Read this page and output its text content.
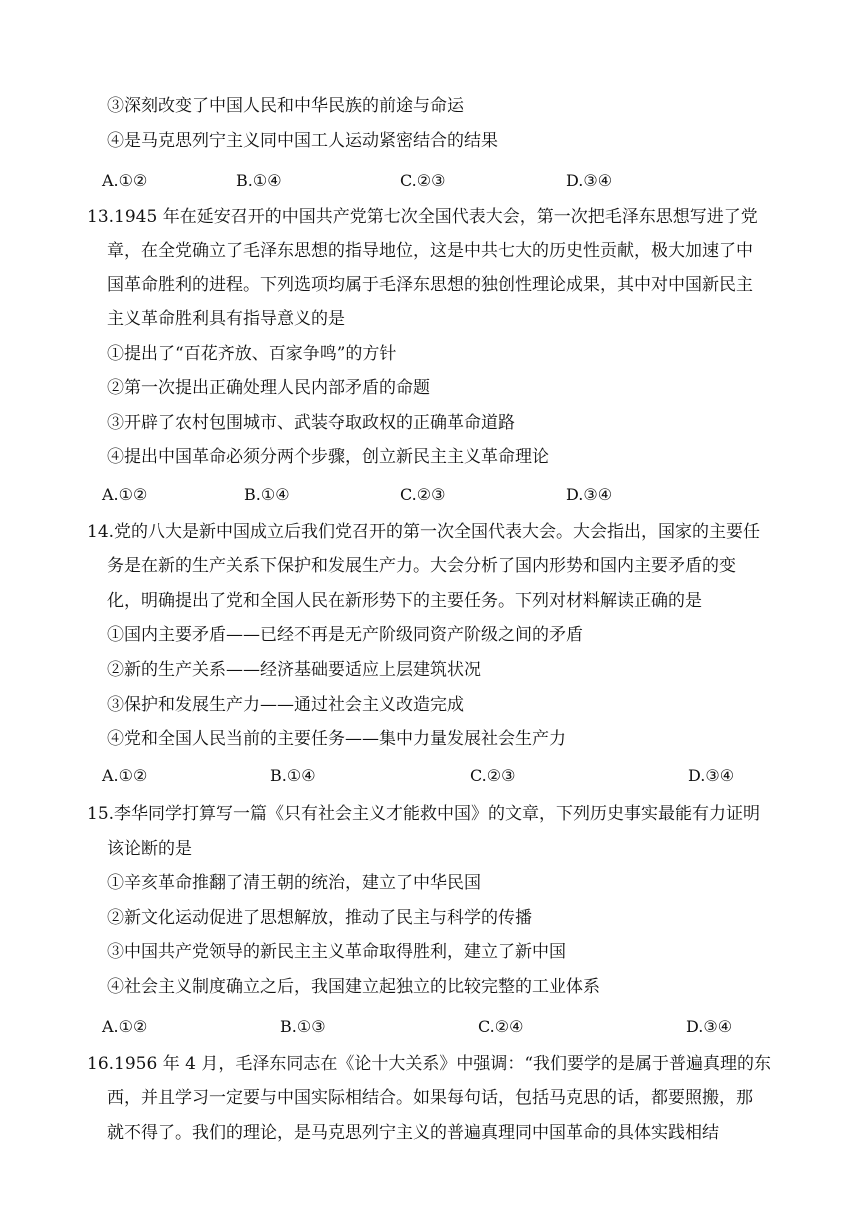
③深刻改变了中国人民和中华民族的前途与命运
④是马克思列宁主义同中国工人运动紧密结合的结果
A.①②	B.①④	C.②③	D.③④
13.1945 年在延安召开的中国共产党第七次全国代表大会，第一次把毛泽东思想写进了党
章，在全党确立了毛泽东思想的指导地位，这是中共七大的历史性贡献，极大加速了中
国革命胜利的进程。下列选项均属于毛泽东思想的独创性理论成果，其中对中国新民主
主义革命胜利具有指导意义的是
①提出了“百花齐放、百家争鸣”的方针
②第一次提出正确处理人民内部矛盾的命题
③开辟了农村包围城市、武装夺取政权的正确革命道路
④提出中国革命必须分两个步骤，创立新民主主义革命理论
A.①②	B.①④	C.②③	D.③④
14.党的八大是新中国成立后我们党召开的第一次全国代表大会。大会指出，国家的主要任
务是在新的生产关系下保护和发展生产力。大会分析了国内形势和国内主要矛盾的变
化，明确提出了党和全国人民在新形势下的主要任务。下列对材料解读正确的是
①国内主要矛盾——已经不再是无产阶级同资产阶级之间的矛盾
②新的生产关系——经济基础要适应上层建筑状况
③保护和发展生产力——通过社会主义改造完成
④党和全国人民当前的主要任务——集中力量发展社会生产力
A.①②	B.①④	C.②③	D.③④
15.李华同学打算写一篇《只有社会主义才能救中国》的文章，下列历史事实最能有力证明
该论断的是
①辛亥革命推翻了清王朝的统治，建立了中华民国
②新文化运动促进了思想解放，推动了民主与科学的传播
③中国共产党领导的新民主主义革命取得胜利，建立了新中国
④社会主义制度确立之后，我国建立起独立的比较完整的工业体系
A.①②	B.①③	C.②④	D.③④
16.1956 年 4 月，毛泽东同志在《论十大关系》中强调：“我们要学的是属于普遍真理的东
西，并且学习一定要与中国实际相结合。如果每句话，包括马克思的话，都要照搬，那
就不得了。我们的理论，是马克思列宁主义的普遍真理同中国革命的具体实践相结
